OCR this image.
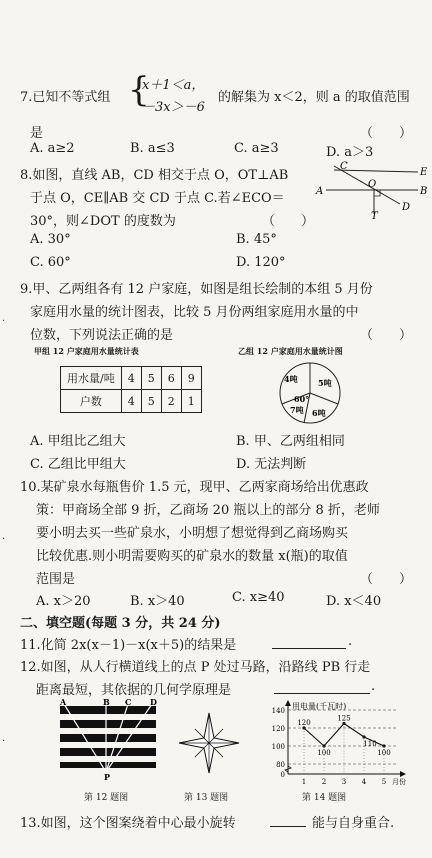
7.已知不等式组 {
x＋1＜a，
－3x＞－6
的解集为 x＜2，则 a 的取值范围
是	（　　）
A. a≥2	B. a≤3	C. a≥3	D. a＞3
8.如图，直线 AB，CD 相交于点 O，OT⊥AB
于点 O，CE∥AB 交 CD 于点 C.若∠ECO＝
30°，则∠DOT 的度数为	（　　）
C
E
A
O
B
D
T
A. 30°	B. 45°
C. 60°	D. 120°
9.甲、乙两组各有 12 户家庭，如图是组长绘制的本组 5 月份
家庭用水量的统计图表，比较 5 月份两组家庭用水量的中
位数，下列说法正确的是	（　　）
甲组 12 户家庭用水量统计表
用水量/吨	4	5	6	9
户数	4	5	2	1
乙组 12 户家庭用水量统计图
4吨	5吨
60°
7吨 6吨
A. 甲组比乙组大	B. 甲、乙两组相同
C. 乙组比甲组大	D. 无法判断
10.某矿泉水每瓶售价 1.5 元，现甲、乙两家商场给出优惠政
策：甲商场全部 9 折，乙商场 20 瓶以上的部分 8 折，老师
要小明去买一些矿泉水，小明想了想觉得到乙商场购买
比较优惠.则小明需要购买的矿泉水的数量 x(瓶)的取值
范围是	（　　）
A. x＞20	B. x＞40	C. x≥40	D. x＜40
二、填空题(每题 3 分，共 24 分)
11.化简 2x(x－1)－x(x＋5)的结果是	.
12.如图，从人行横道线上的点 P 处过马路，沿路线 PB 行走
距离最短，其依据的几何学原理是	.
A	B C D
P
用电量(千瓦时)
0
80
100
120
140
1 2 3 4 5 月份
120
100
125
110
100
第 12 题图	第 13 题图	第 14 题图
13.如图，这个图案绕着中心最小旋转	能与自身重合.
·
·
·
